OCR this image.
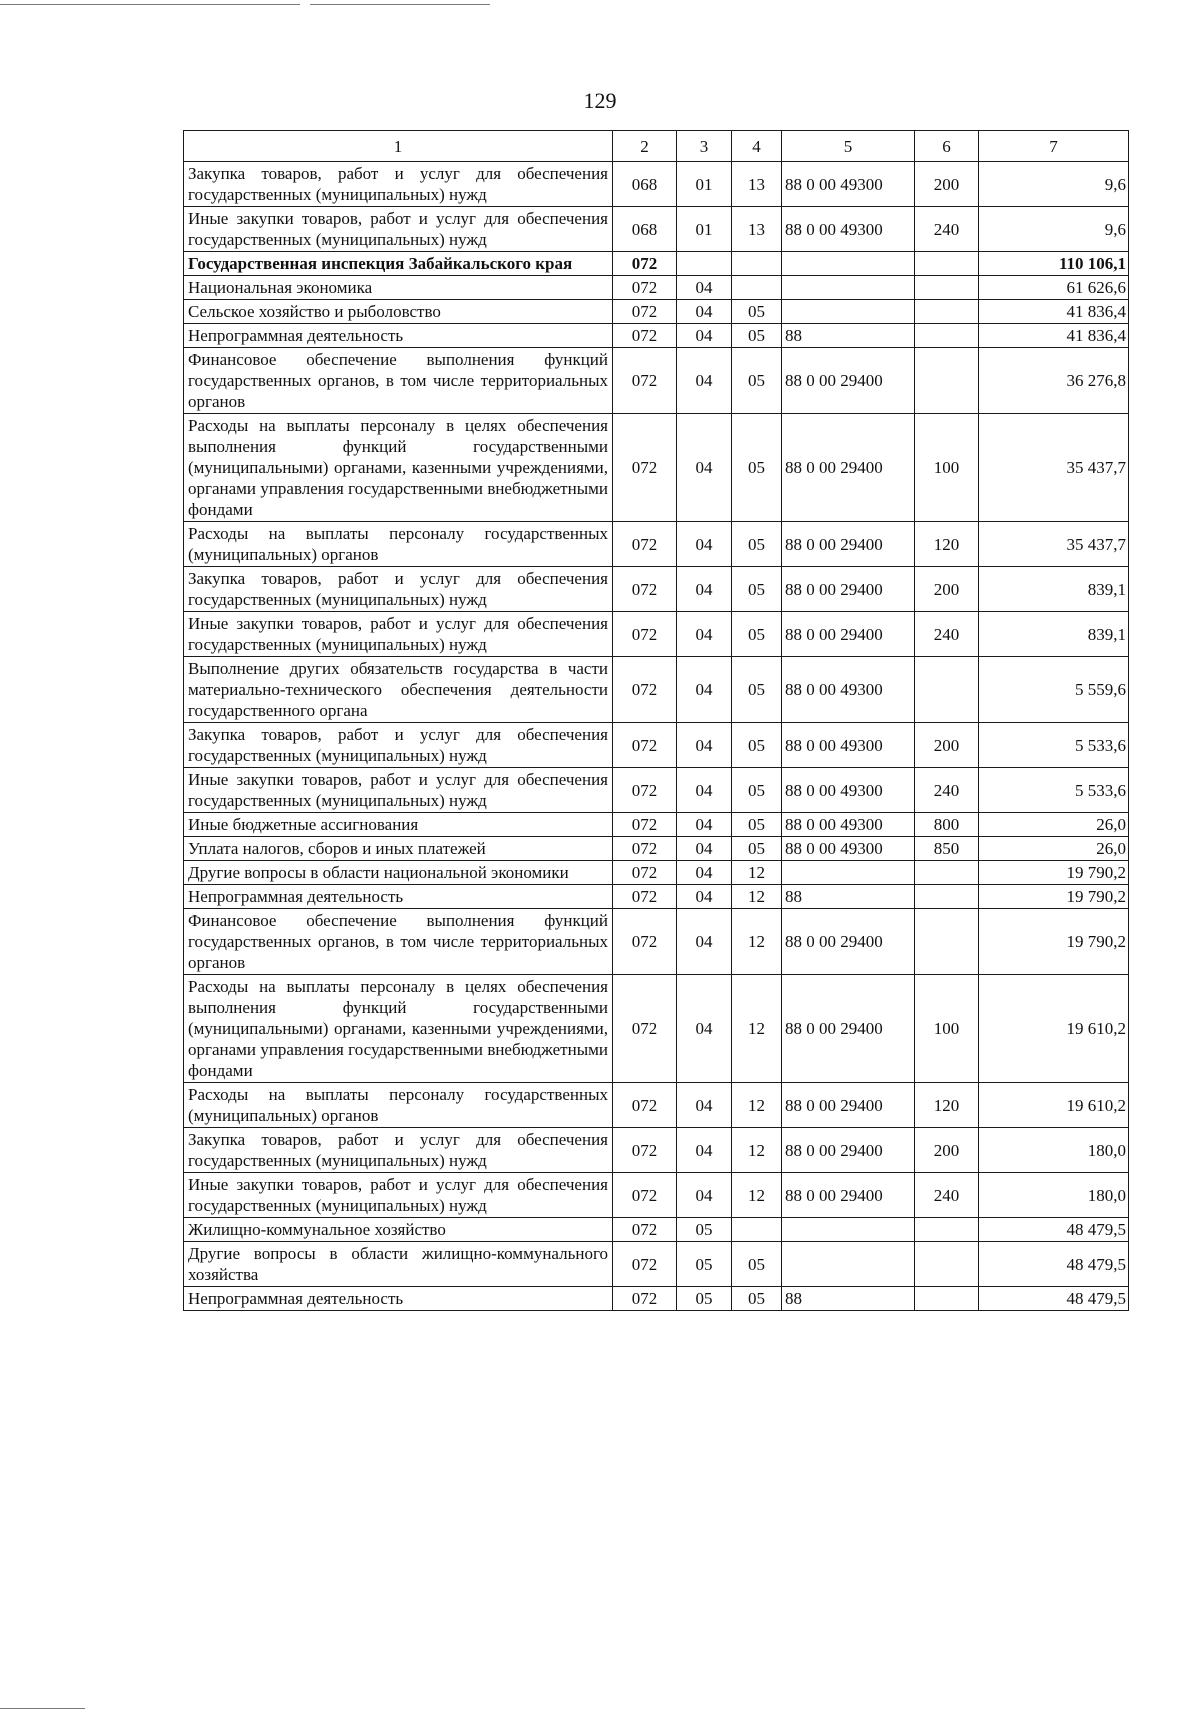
129
1	2	3	4	5	6	7
Закупка товаров, работ и услуг для обеспечения государственных (муниципальных) нужд	068	01	13	88 0 00 49300	200	9,6
Иные закупки товаров, работ и услуг для обеспечения государственных (муниципальных) нужд	068	01	13	88 0 00 49300	240	9,6
Государственная инспекция Забайкальского края	072					110 106,1
Национальная экономика	072	04				61 626,6
Сельское хозяйство и рыболовство	072	04	05			41 836,4
Непрограммная деятельность	072	04	05	88		41 836,4
Финансовое обеспечение выполнения функций государственных органов, в том числе территориальных органов	072	04	05	88 0 00 29400		36 276,8
Расходы на выплаты персоналу в целях обеспечения выполнения функций государственными (муниципальными) органами, казенными учреждениями, органами управления государственными внебюджетными фондами	072	04	05	88 0 00 29400	100	35 437,7
Расходы на выплаты персоналу государственных (муниципальных) органов	072	04	05	88 0 00 29400	120	35 437,7
Закупка товаров, работ и услуг для обеспечения государственных (муниципальных) нужд	072	04	05	88 0 00 29400	200	839,1
Иные закупки товаров, работ и услуг для обеспечения государственных (муниципальных) нужд	072	04	05	88 0 00 29400	240	839,1
Выполнение других обязательств государства в части материально-технического обеспечения деятельности государственного органа	072	04	05	88 0 00 49300		5 559,6
Закупка товаров, работ и услуг для обеспечения государственных (муниципальных) нужд	072	04	05	88 0 00 49300	200	5 533,6
Иные закупки товаров, работ и услуг для обеспечения государственных (муниципальных) нужд	072	04	05	88 0 00 49300	240	5 533,6
Иные бюджетные ассигнования	072	04	05	88 0 00 49300	800	26,0
Уплата налогов, сборов и иных платежей	072	04	05	88 0 00 49300	850	26,0
Другие вопросы в области национальной экономики	072	04	12			19 790,2
Непрограммная деятельность	072	04	12	88		19 790,2
Финансовое обеспечение выполнения функций государственных органов, в том числе территориальных органов	072	04	12	88 0 00 29400		19 790,2
Расходы на выплаты персоналу в целях обеспечения выполнения функций государственными (муниципальными) органами, казенными учреждениями, органами управления государственными внебюджетными фондами	072	04	12	88 0 00 29400	100	19 610,2
Расходы на выплаты персоналу государственных (муниципальных) органов	072	04	12	88 0 00 29400	120	19 610,2
Закупка товаров, работ и услуг для обеспечения государственных (муниципальных) нужд	072	04	12	88 0 00 29400	200	180,0
Иные закупки товаров, работ и услуг для обеспечения государственных (муниципальных) нужд	072	04	12	88 0 00 29400	240	180,0
Жилищно-коммунальное хозяйство	072	05				48 479,5
Другие вопросы в области жилищно-коммунального хозяйства	072	05	05			48 479,5
Непрограммная деятельность	072	05	05	88		48 479,5
